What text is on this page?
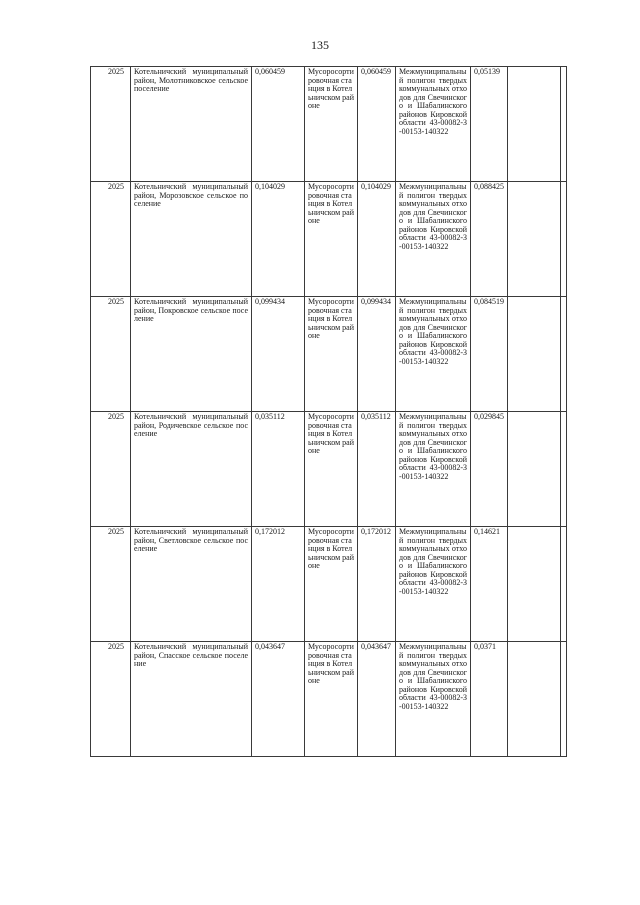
135
2025	Котельничский муниципальный район, Молотниковское сельское поселение	0,060459	Мусоросортировочная станция в Котельничском районе	0,060459	Межмуниципальный полигон твердых коммунальных отходов для Свечинского и Шабалинского районов Кировской области 43-00082-З-00153-140322	0,05139		
2025	Котельничский муниципальный район, Морозовское сельское поселение	0,104029	Мусоросортировочная станция в Котельничском районе	0,104029	Межмуниципальный полигон твердых коммунальных отходов для Свечинского и Шабалинского районов Кировской области 43-00082-З-00153-140322	0,088425		
2025	Котельничский муниципальный район, Покровское сельское поселение	0,099434	Мусоросортировочная станция в Котельничском районе	0,099434	Межмуниципальный полигон твердых коммунальных отходов для Свечинского и Шабалинского районов Кировской области 43-00082-З-00153-140322	0,084519		
2025	Котельничский муниципальный район, Родичевское сельское поселение	0,035112	Мусоросортировочная станция в Котельничском районе	0,035112	Межмуниципальный полигон твердых коммунальных отходов для Свечинского и Шабалинского районов Кировской области 43-00082-З-00153-140322	0,029845		
2025	Котельничский муниципальный район, Светловское сельское поселение	0,172012	Мусоросортировочная станция в Котельничском районе	0,172012	Межмуниципальный полигон твердых коммунальных отходов для Свечинского и Шабалинского районов Кировской области 43-00082-З-00153-140322	0,14621		
2025	Котельничский муниципальный район, Спасское сельское поселение	0,043647	Мусоросортировочная станция в Котельничском районе	0,043647	Межмуниципальный полигон твердых коммунальных отходов для Свечинского и Шабалинского районов Кировской области 43-00082-З-00153-140322	0,0371		
